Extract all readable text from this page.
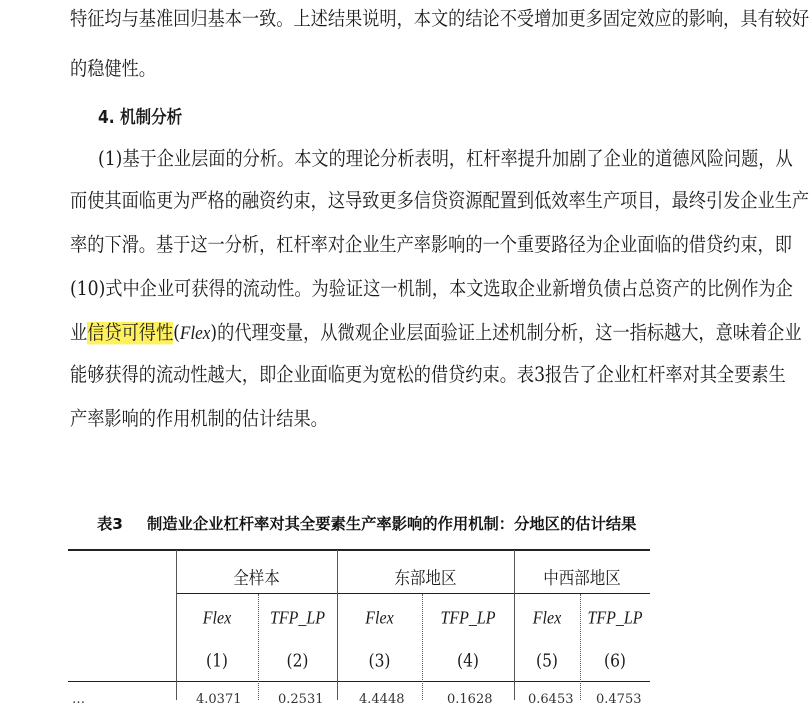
特征均与基准回归基本一致。上述结果说明，本文的结论不受增加更多固定效应的影响，具有较好
的稳健性。
4. 机制分析
(1)基于企业层面的分析。本文的理论分析表明，杠杆率提升加剧了企业的道德风险问题，从
而使其面临更为严格的融资约束，这导致更多信贷资源配置到低效率生产项目，最终引发企业生产
率的下滑。基于这一分析，杠杆率对企业生产率影响的一个重要路径为企业面临的借贷约束，即
(10)式中企业可获得的流动性。为验证这一机制，本文选取企业新增负债占总资产的比例作为企
业信贷可得性(Flex)的代理变量，从微观企业层面验证上述机制分析，这一指标越大，意味着企业
能够获得的流动性越大，即企业面临更为宽松的借贷约束。表3报告了企业杠杆率对其全要素生
产率影响的作用机制的估计结果。
表3 制造业企业杠杆率对其全要素生产率影响的作用机制：分地区的估计结果
全样本	东部地区	中西部地区
Flex	TFP_LP	Flex	TFP_LP	Flex	TFP_LP
(1)	(2)	(3)	(4)	(5)	(6)
…	4.0371	0.2531	4.4448	0.1628	0.6453 0.4753
